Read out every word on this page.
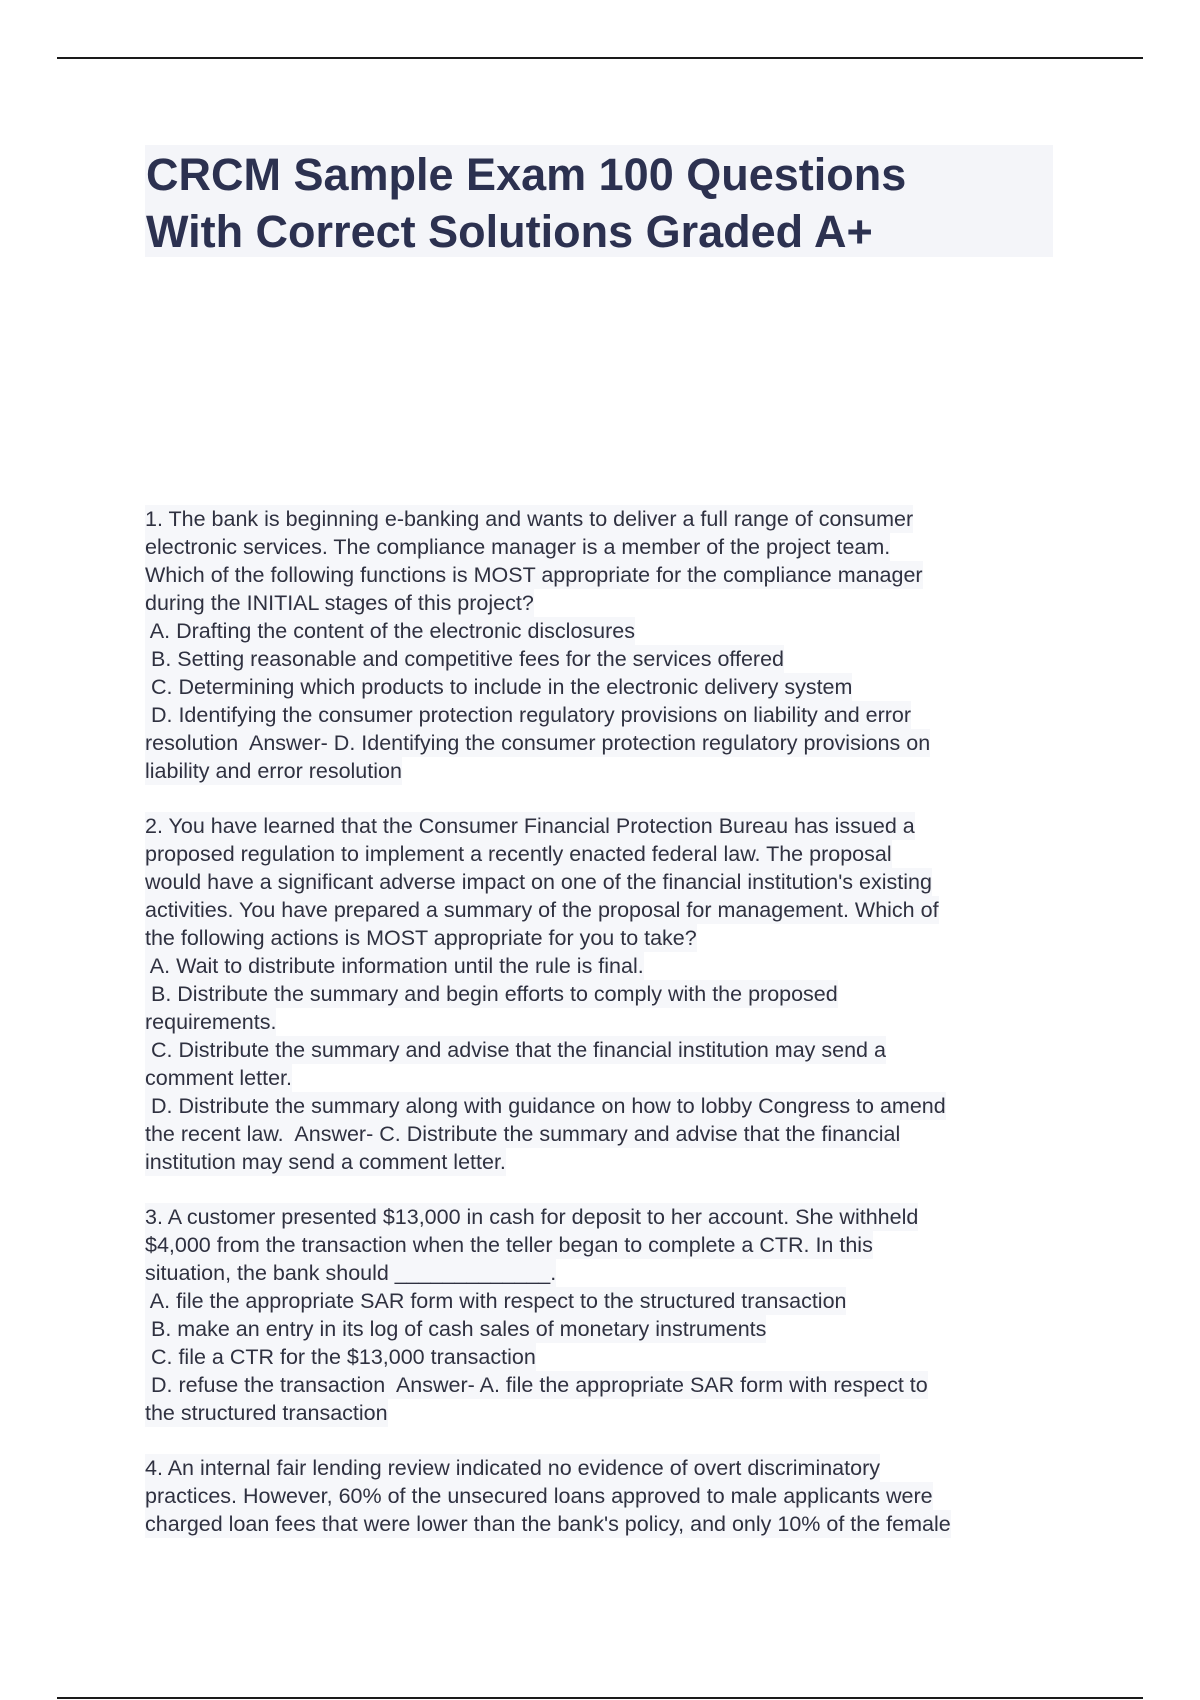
CRCM Sample Exam 100 Questions
With Correct Solutions Graded A+
1. The bank is beginning e-banking and wants to deliver a full range of consumer
electronic services. The compliance manager is a member of the project team.
Which of the following functions is MOST appropriate for the compliance manager
during the INITIAL stages of this project?
A. Drafting the content of the electronic disclosures
B. Setting reasonable and competitive fees for the services offered
C. Determining which products to include in the electronic delivery system
D. Identifying the consumer protection regulatory provisions on liability and error
resolution  Answer- D. Identifying the consumer protection regulatory provisions on
liability and error resolution
2. You have learned that the Consumer Financial Protection Bureau has issued a
proposed regulation to implement a recently enacted federal law. The proposal
would have a significant adverse impact on one of the financial institution's existing
activities. You have prepared a summary of the proposal for management. Which of
the following actions is MOST appropriate for you to take?
A. Wait to distribute information until the rule is final.
B. Distribute the summary and begin efforts to comply with the proposed
requirements.
C. Distribute the summary and advise that the financial institution may send a
comment letter.
D. Distribute the summary along with guidance on how to lobby Congress to amend
the recent law.  Answer- C. Distribute the summary and advise that the financial
institution may send a comment letter.
3. A customer presented $13,000 in cash for deposit to her account. She withheld
$4,000 from the transaction when the teller began to complete a CTR. In this
situation, the bank should _____________.
A. file the appropriate SAR form with respect to the structured transaction
B. make an entry in its log of cash sales of monetary instruments
C. file a CTR for the $13,000 transaction
D. refuse the transaction  Answer- A. file the appropriate SAR form with respect to
the structured transaction
4. An internal fair lending review indicated no evidence of overt discriminatory
practices. However, 60% of the unsecured loans approved to male applicants were
charged loan fees that were lower than the bank's policy, and only 10% of the female
